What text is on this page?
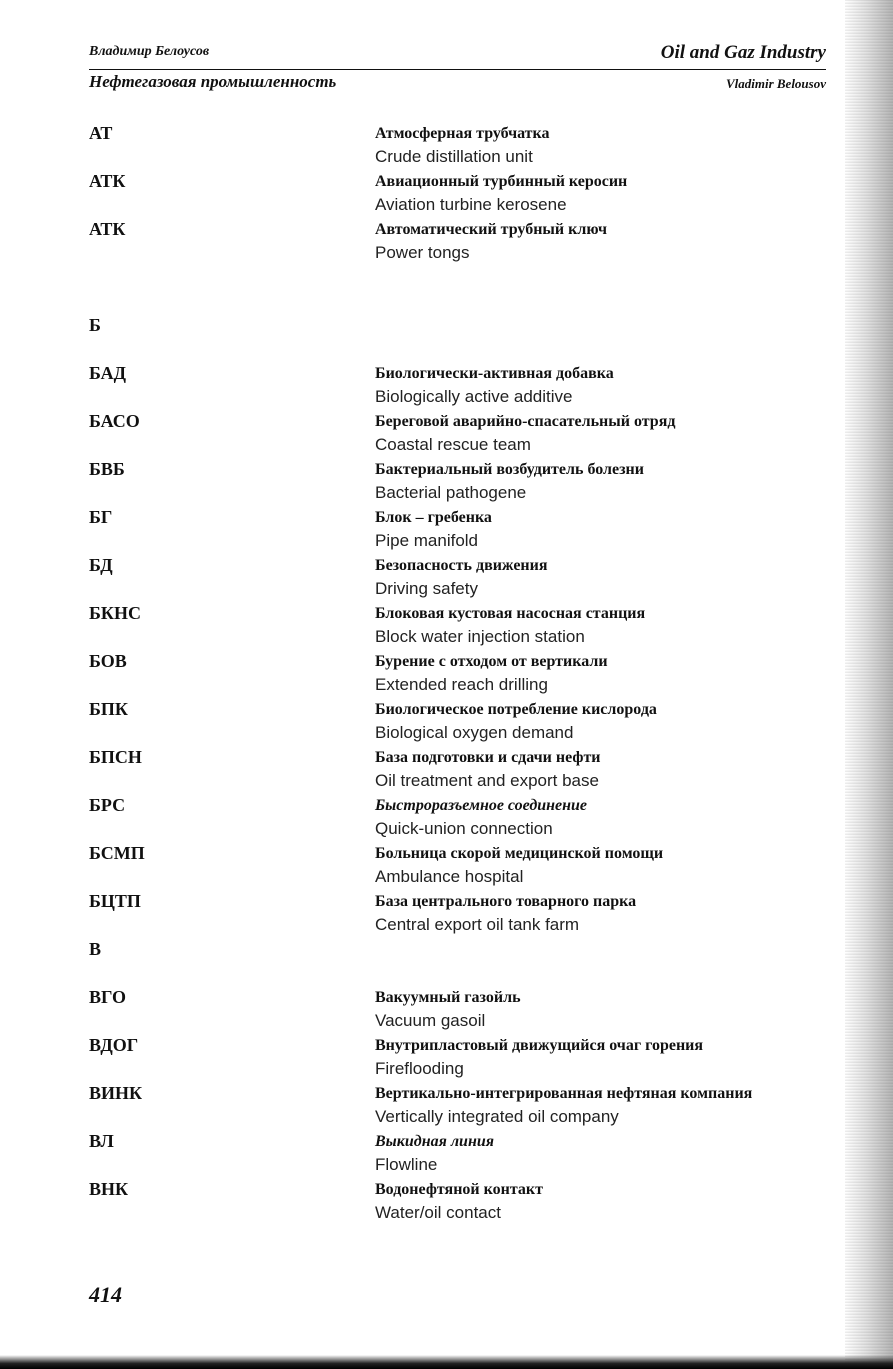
Владимир Белоусов	Oil and Gaz Industry
Нефтегазовая промышленность	Vladimir Belousov
АТ	Атмосферная трубчатка
Crude distillation unit
АТК	Авиационный турбинный керосин
Aviation turbine kerosene
АТК	Автоматический трубный ключ
Power tongs
Б
БАД	Биологически-активная добавка
Biologically active additive
БАСО	Береговой аварийно-спасательный отряд
Coastal rescue team
БВБ	Бактериальный возбудитель болезни
Bacterial pathogene
БГ	Блок – гребенка
Pipe manifold
БД	Безопасность движения
Driving safety
БКНС	Блоковая кустовая насосная станция
Block water injection station
БОВ	Бурение с отходом от вертикали
Extended reach drilling
БПК	Биологическое потребление кислорода
Biological oxygen demand
БПСН	База подготовки и сдачи нефти
Oil treatment and export base
БРС	Быстроразъемное соединение
Quick-union connection
БСМП	Больница скорой медицинской помощи
Ambulance hospital
БЦТП	База центрального товарного парка
Central export oil tank farm
В
ВГО	Вакуумный газойль
Vacuum gasoil
ВДОГ	Внутрипластовый движущийся очаг горения
Fireflooding
ВИНК	Вертикально-интегрированная нефтяная компания
Vertically integrated oil company
ВЛ	Выкидная линия
Flowline
ВНК	Водонефтяной контакт
Water/oil contact
414
